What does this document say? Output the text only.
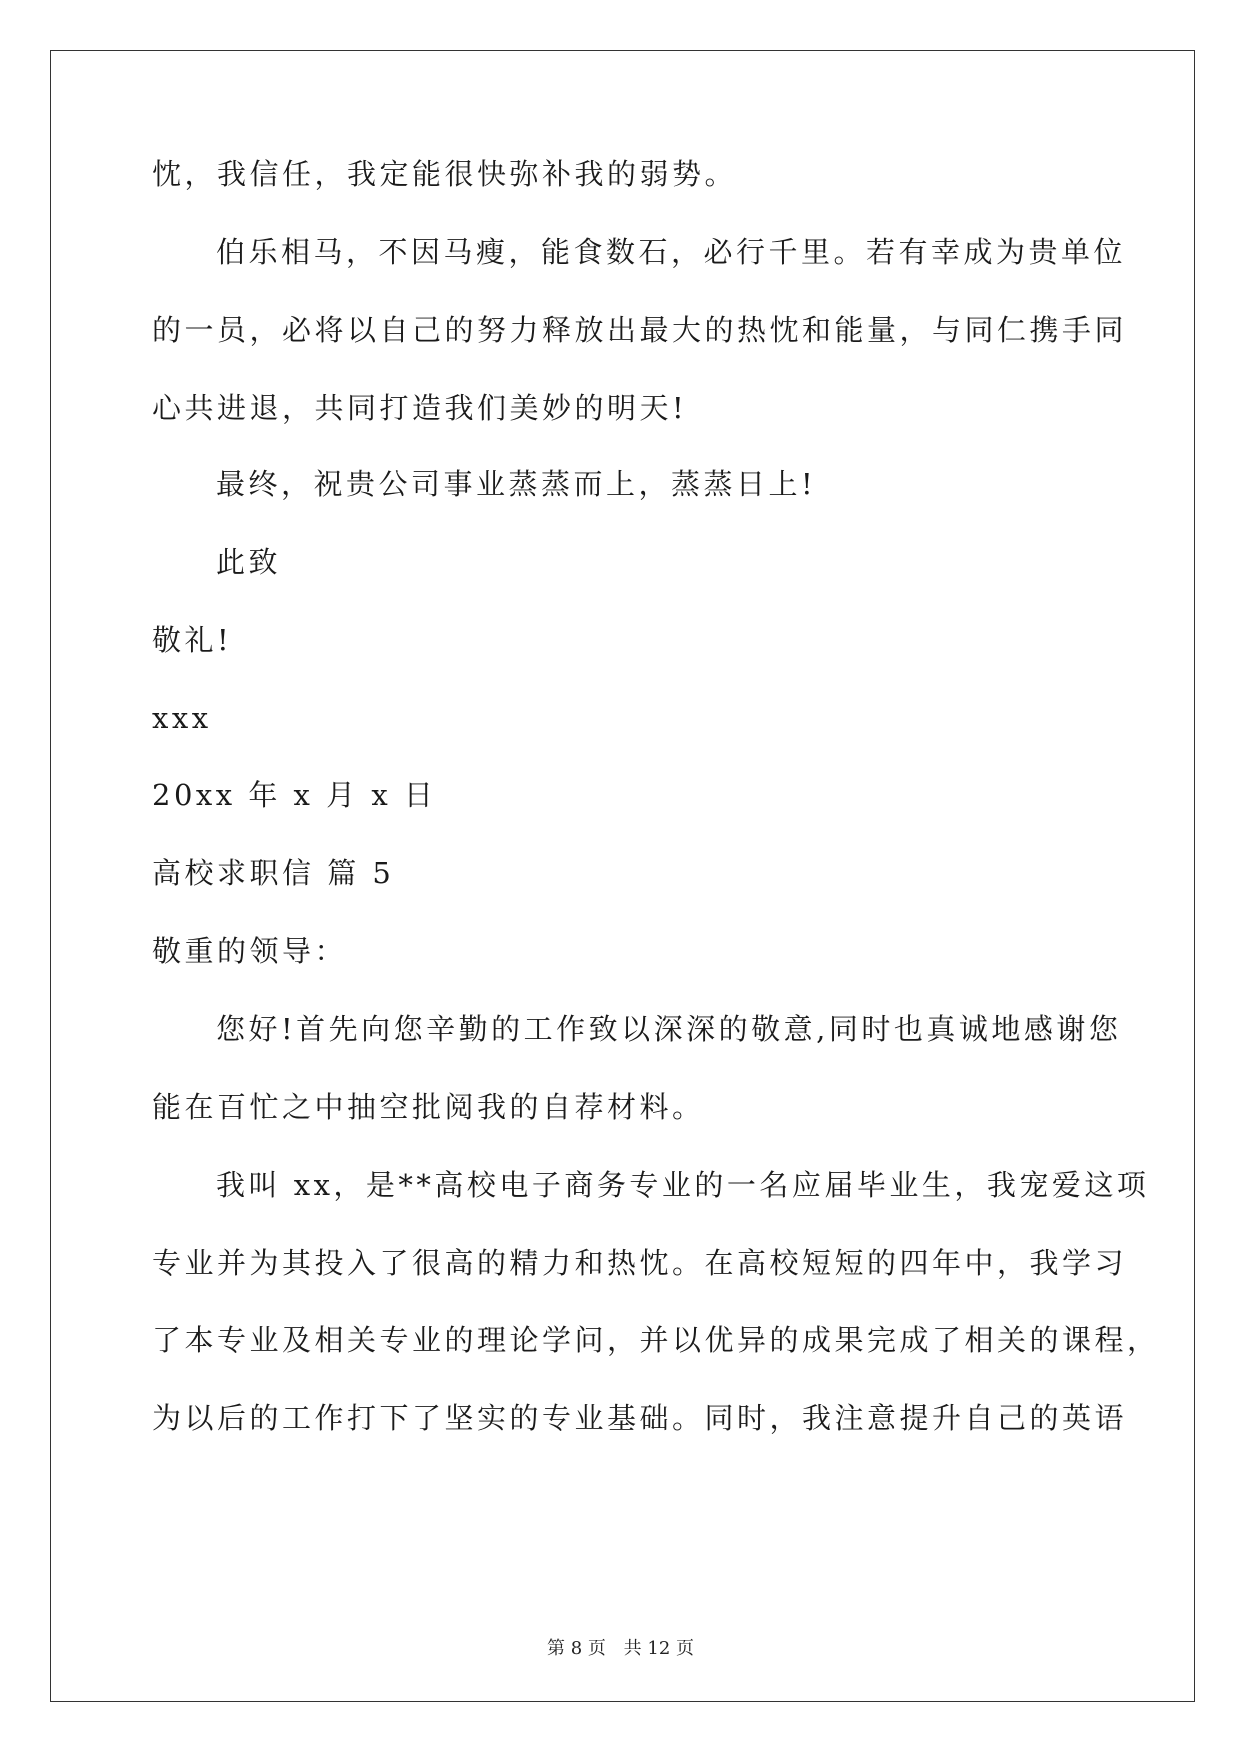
忱，我信任，我定能很快弥补我的弱势。
伯乐相马，不因马瘦，能食数石，必行千里。若有幸成为贵单位
的一员，必将以自己的努力释放出最大的热忱和能量，与同仁携手同
心共进退，共同打造我们美妙的明天!
最终，祝贵公司事业蒸蒸而上，蒸蒸日上!
此致
敬礼!
xxx
20xx 年 x 月 x 日
高校求职信 篇 5
敬重的领导：
您好!首先向您辛勤的工作致以深深的敬意,同时也真诚地感谢您
能在百忙之中抽空批阅我的自荐材料。
我叫 xx，是**高校电子商务专业的一名应届毕业生，我宠爱这项
专业并为其投入了很高的精力和热忱。在高校短短的四年中，我学习
了本专业及相关专业的理论学问，并以优异的成果完成了相关的课程，
为以后的工作打下了坚实的专业基础。同时，我注意提升自己的英语
第 8 页 共 12 页
